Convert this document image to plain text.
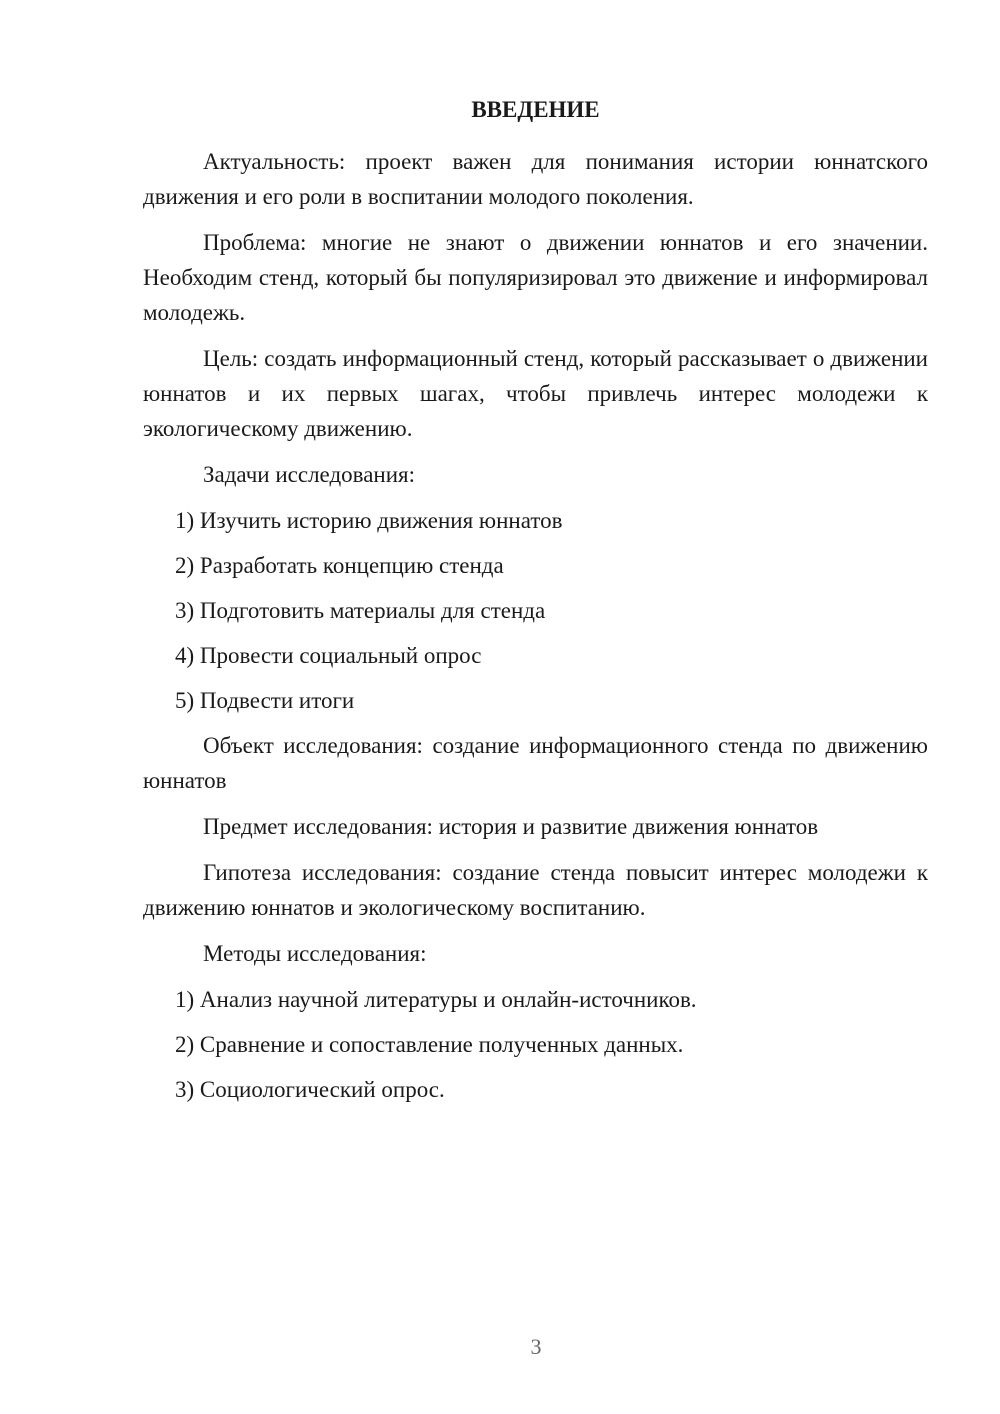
ВВЕДЕНИЕ

Актуальность: проект важен для понимания истории юннатского движения и его роли в воспитании молодого поколения.

Проблема: многие не знают о движении юннатов и его значении. Необходим стенд, который бы популяризировал это движение и информировал молодежь.

Цель: создать информационный стенд, который рассказывает о движении юннатов и их первых шагах, чтобы привлечь интерес молодежи к экологическому движению.

Задачи исследования:

1) Изучить историю движения юннатов
2) Разработать концепцию стенда
3) Подготовить материалы для стенда
4) Провести социальный опрос
5) Подвести итоги

Объект исследования: создание информационного стенда по движению юннатов

Предмет исследования: история и развитие движения юннатов

Гипотеза исследования: создание стенда повысит интерес молодежи к движению юннатов и экологическому воспитанию.

Методы исследования:

1) Анализ научной литературы и онлайн-источников.
2) Сравнение и сопоставление полученных данных.
3) Социологический опрос.
3
